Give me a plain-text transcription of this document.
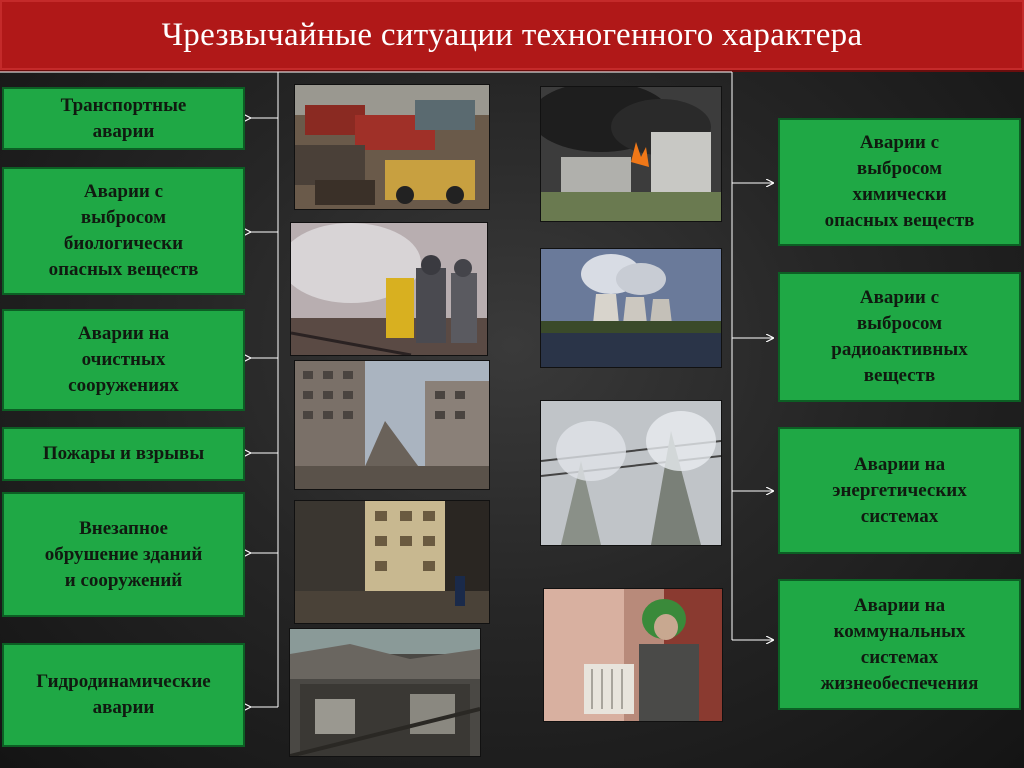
Чрезвычайные ситуации техногенного характера
Транспортные
аварии
Аварии с
выбросом
биологически
опасных веществ
Аварии на
очистных
сооружениях
Пожары и взрывы
Внезапное
обрушение зданий
и сооружений
Гидродинамические
аварии
Аварии с
выбросом
химически
опасных веществ
Аварии с
выбросом
радиоактивных
веществ
Аварии на
энергетических
системах
Аварии на
коммунальных
системах
жизнеобеспечения
